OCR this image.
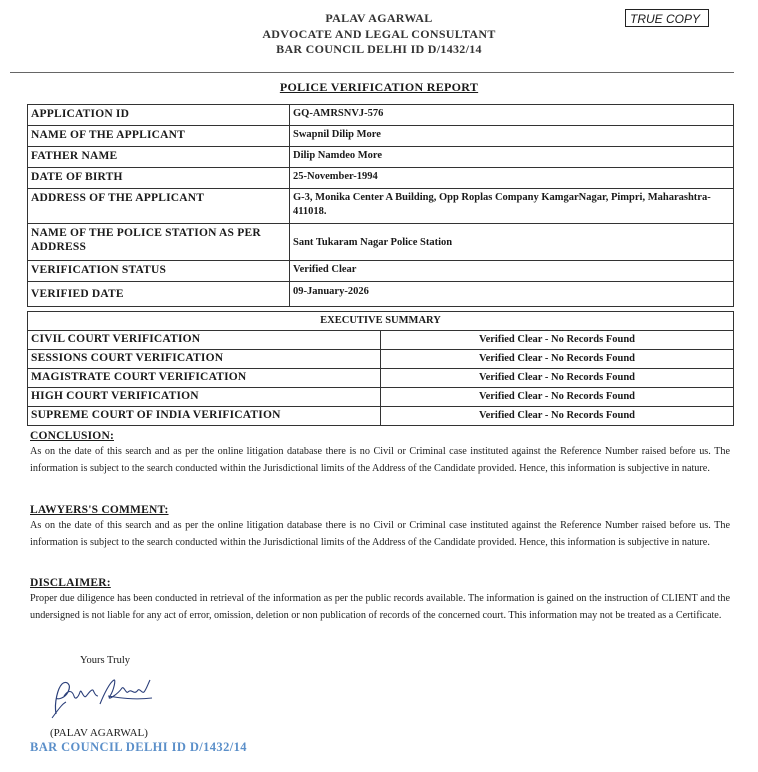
PALAV AGARWAL
ADVOCATE AND LEGAL CONSULTANT
BAR COUNCIL DELHI ID D/1432/14
TRUE COPY
POLICE VERIFICATION REPORT
APPLICATION ID	GQ-AMRSNVJ-576
NAME OF THE APPLICANT	Swapnil Dilip More
FATHER NAME	Dilip Namdeo More
DATE OF BIRTH	25-November-1994
ADDRESS OF THE APPLICANT	G-3, Monika Center A Building, Opp Roplas Company KamgarNagar, Pimpri, Maharashtra-411018.
NAME OF THE POLICE STATION AS PER ADDRESS	Sant Tukaram Nagar Police Station
VERIFICATION STATUS	Verified Clear
VERIFIED DATE	09-January-2026
EXECUTIVE SUMMARY	
CIVIL COURT VERIFICATION	Verified Clear - No Records Found
SESSIONS COURT VERIFICATION	Verified Clear - No Records Found
MAGISTRATE COURT VERIFICATION	Verified Clear - No Records Found
HIGH COURT VERIFICATION	Verified Clear - No Records Found
SUPREME COURT OF INDIA VERIFICATION	Verified Clear - No Records Found
CONCLUSION:
As on the date of this search and as per the online litigation database there is no Civil or Criminal case instituted against the Reference Number raised before us. The information is subject to the search conducted within the Jurisdictional limits of the Address of the Candidate provided. Hence, this information is subjective in nature.
LAWYERS'S COMMENT:
As on the date of this search and as per the online litigation database there is no Civil or Criminal case instituted against the Reference Number raised before us. The information is subject to the search conducted within the Jurisdictional limits of the Address of the Candidate provided. Hence, this information is subjective in nature.
DISCLAIMER:
Proper due diligence has been conducted in retrieval of the information as per the public records available. The information is gained on the instruction of CLIENT and the undersigned is not liable for any act of error, omission, deletion or non publication of records of the concerned court. This information may not be treated as a Certificate.
Yours Truly
(PALAV AGARWAL)
BAR COUNCIL DELHI ID D/1432/14
